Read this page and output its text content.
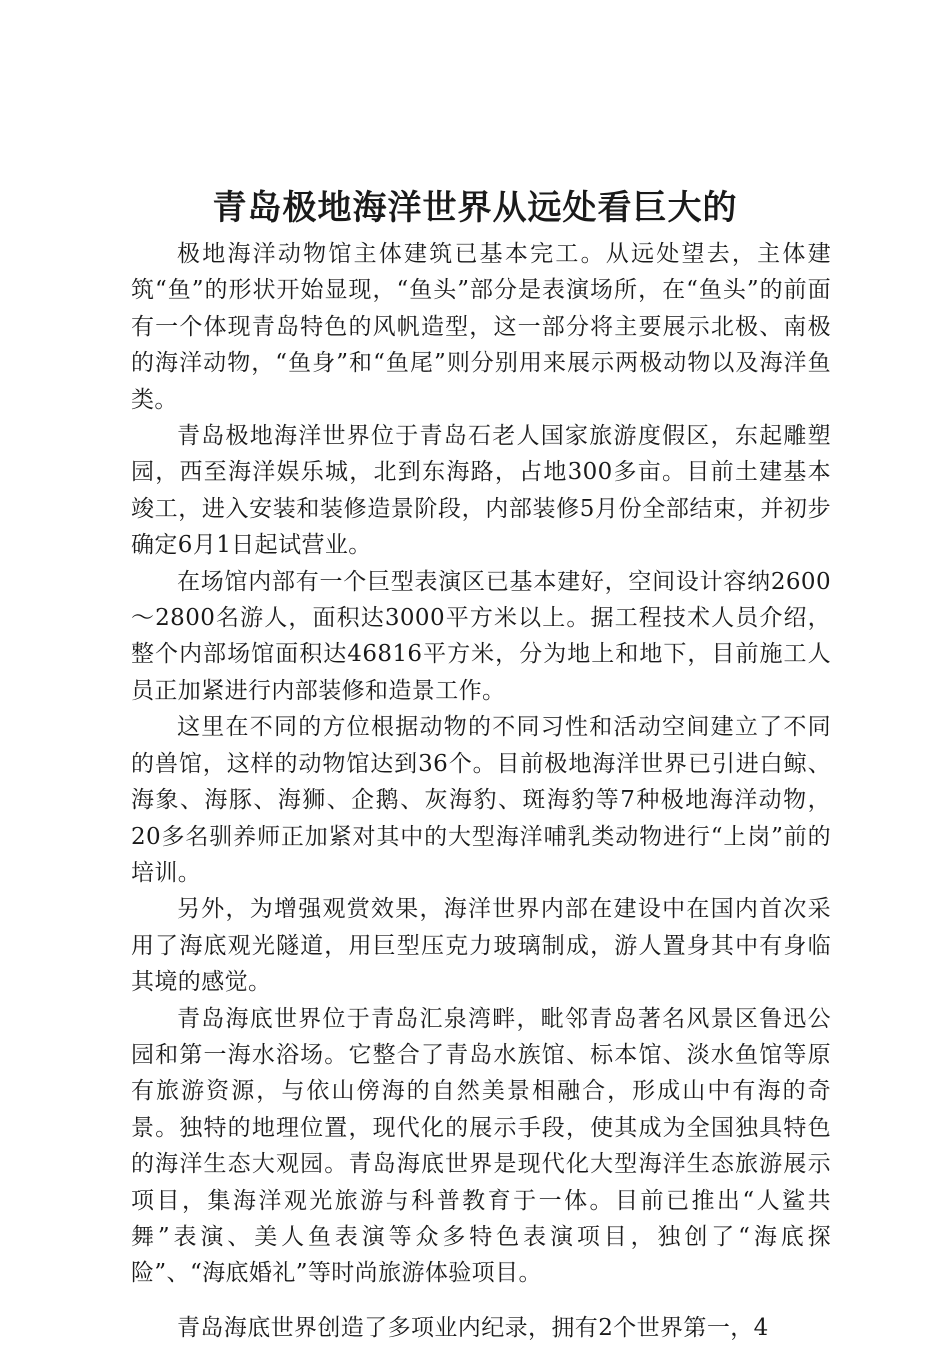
青岛极地海洋世界从远处看巨大的

极地海洋动物馆主体建筑已基本完工。从远处望去，主体建筑“鱼”的形状开始显现，“鱼头”部分是表演场所，在“鱼头”的前面有一个体现青岛特色的风帆造型，这一部分将主要展示北极、南极的海洋动物，“鱼身”和“鱼尾”则分别用来展示两极动物以及海洋鱼类。

青岛极地海洋世界位于青岛石老人国家旅游度假区，东起雕塑园，西至海洋娱乐城，北到东海路，占地300多亩。目前土建基本竣工，进入安装和装修造景阶段，内部装修5月份全部结束，并初步确定6月1日起试营业。

在场馆内部有一个巨型表演区已基本建好，空间设计容纳2600～2800名游人，面积达3000平方米以上。据工程技术人员介绍，整个内部场馆面积达46816平方米，分为地上和地下，目前施工人员正加紧进行内部装修和造景工作。

这里在不同的方位根据动物的不同习性和活动空间建立了不同的兽馆，这样的动物馆达到36个。目前极地海洋世界已引进白鲸、海象、海豚、海狮、企鹅、灰海豹、斑海豹等7种极地海洋动物，20多名驯养师正加紧对其中的大型海洋哺乳类动物进行“上岗”前的培训。

另外，为增强观赏效果，海洋世界内部在建设中在国内首次采用了海底观光隧道，用巨型压克力玻璃制成，游人置身其中有身临其境的感觉。

青岛海底世界位于青岛汇泉湾畔，毗邻青岛著名风景区鲁迅公园和第一海水浴场。它整合了青岛水族馆、标本馆、淡水鱼馆等原有旅游资源，与依山傍海的自然美景相融合，形成山中有海的奇景。独特的地理位置，现代化的展示手段，使其成为全国独具特色的海洋生态大观园。青岛海底世界是现代化大型海洋生态旅游展示项目，集海洋观光旅游与科普教育于一体。目前已推出“人鲨共舞”表演、美人鱼表演等众多特色表演项目，独创了“海底探险”、“海底婚礼”等时尚旅游体验项目。

青岛海底世界创造了多项业内纪录，拥有2个世界第一，4
